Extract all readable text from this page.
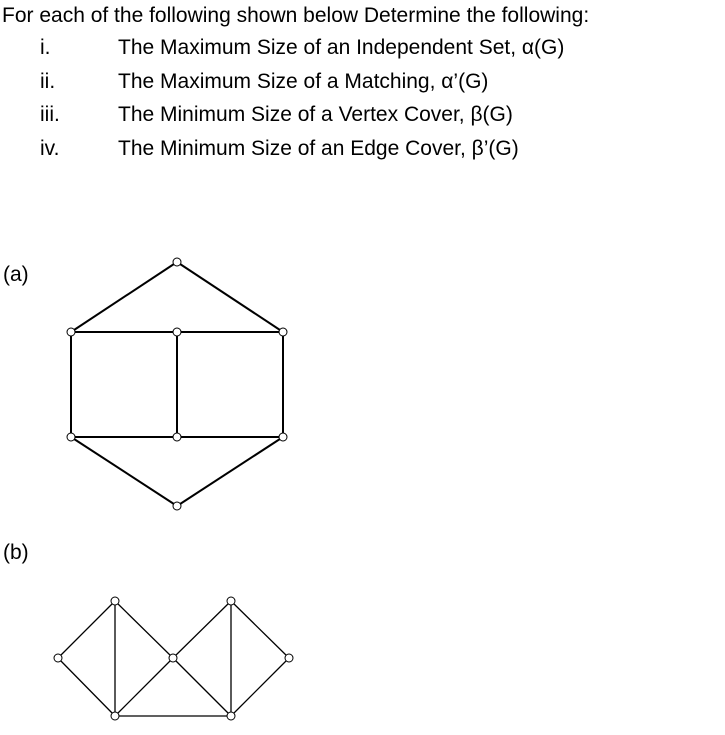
For each of the following shown below Determine the following:
i.	The Maximum Size of an Independent Set, α(G)
ii.	The Maximum Size of a Matching, α’(G)
iii.	The Minimum Size of a Vertex Cover, β(G)
iv.	The Minimum Size of an Edge Cover, β’(G)
(a)
(b)
